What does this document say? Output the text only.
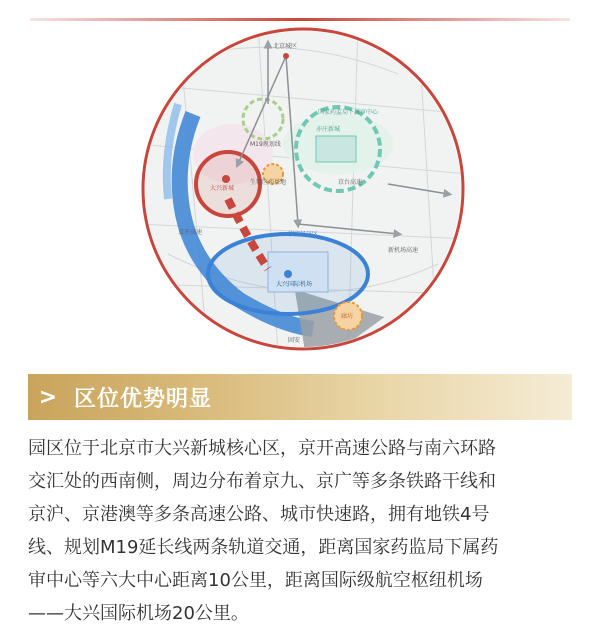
北京城区
亦庄新城
M19规划线
大兴新城
生物医药基地
国家药监局下属审中心
临空经济区
大兴国际机场
固安
廊坊
京开高速
京台高速
新机场高速
> 区位优势明显
园区位于北京市大兴新城核心区，京开高速公路与南六环路
交汇处的西南侧，周边分布着京九、京广等多条铁路干线和
京沪、京港澳等多条高速公路、城市快速路，拥有地铁4号
线、规划M19延长线两条轨道交通，距离国家药监局下属药
审中心等六大中心距离10公里，距离国际级航空枢纽机场
——大兴国际机场20公里。
